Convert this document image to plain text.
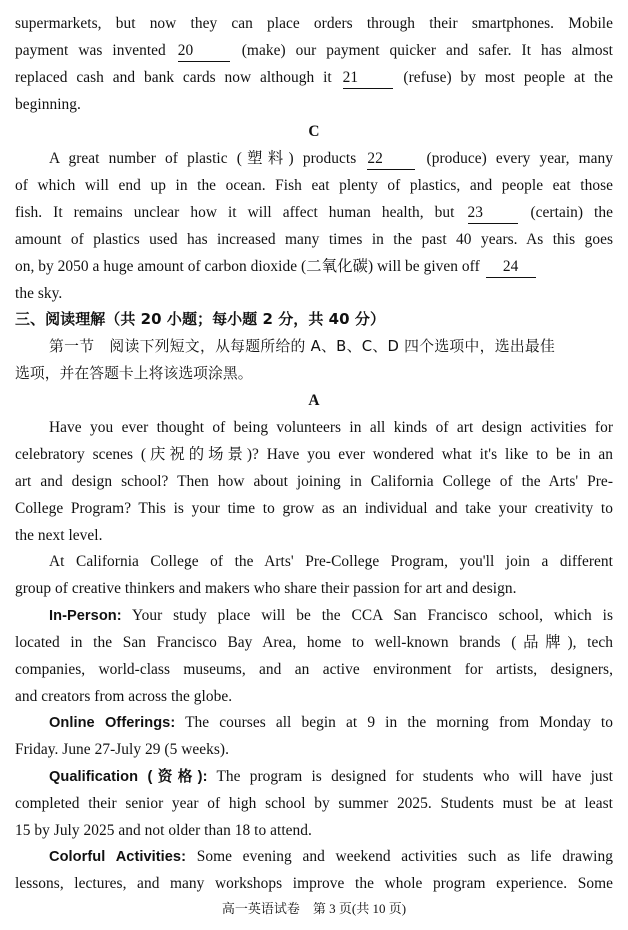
supermarkets, but now they can place orders through their smartphones. Mobile
payment was invented 20	(make) our payment quicker and safer. It has almost
replaced cash and bank cards now although it 21	(refuse) by most people at the
beginning.
C
A great number of plastic (塑料) products 22	(produce) every year, many
of which will end up in the ocean. Fish eat plenty of plastics, and people eat those
fish. It remains unclear how it will affect human health, but 23	(certain) the
amount of plastics used has increased many times in the past 40 years. As this goes
on, by 2050 a huge amount of carbon dioxide (二氧化碳) will be given off 24
the sky.
三、阅读理解（共 20 小题；每小题 2 分，共 40 分）
第一节　阅读下列短文，从每题所给的 A、B、C、D 四个选项中，选出最佳
选项，并在答题卡上将该选项涂黑。
A
Have you ever thought of being volunteers in all kinds of art design activities for
celebratory scenes (庆祝的场景)? Have you ever wondered what it's like to be in an
art and design school? Then how about joining in California College of the Arts' Pre-
College Program? This is your time to grow as an individual and take your creativity to
the next level.
At California College of the Arts' Pre-College Program, you'll join a different
group of creative thinkers and makers who share their passion for art and design.
In-Person: Your study place will be the CCA San Francisco school, which is
located in the San Francisco Bay Area, home to well-known brands (品牌), tech
companies, world-class museums, and an active environment for artists, designers,
and creators from across the globe.
Online Offerings: The courses all begin at 9 in the morning from Monday to
Friday. June 27-July 29 (5 weeks).
Qualification (资格): The program is designed for students who will have just
completed their senior year of high school by summer 2025. Students must be at least
15 by July 2025 and not older than 18 to attend.
Colorful Activities: Some evening and weekend activities such as life drawing
lessons, lectures, and many workshops improve the whole program experience. Some
高一英语试卷　第 3 页(共 10 页)
